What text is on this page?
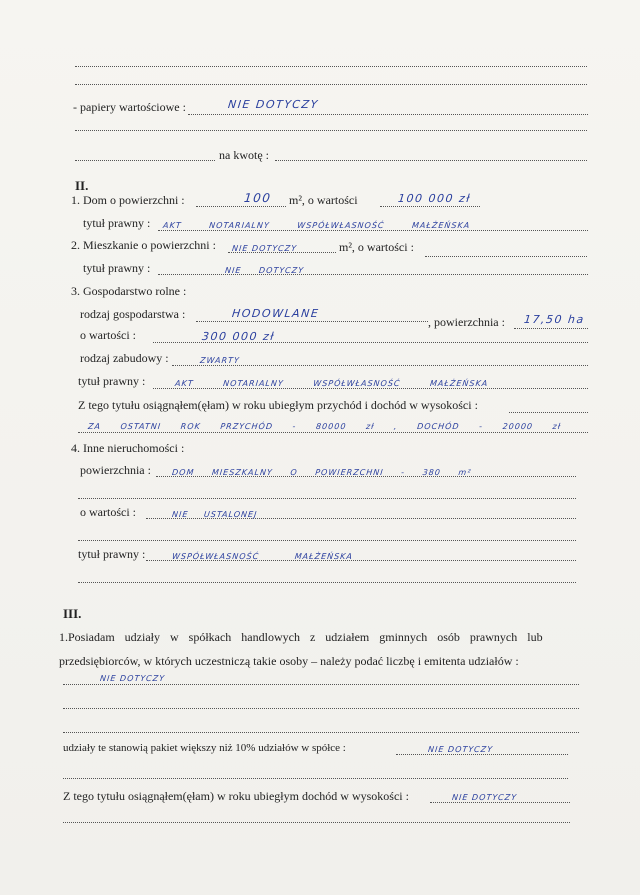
- papiery wartościowe :	NIE DOTYCZY
na kwotę :
II.
1. Dom o powierzchni :	100 m², o wartości	100 000 zł
tytuł prawny : AKT NOTARIALNY WSPÓŁWŁASNOŚĆ MAŁŻEŃSKA
2. Mieszkanie o powierzchni : NIE DOTYCZY	m², o wartości :
tytuł prawny :	NIE DOTYCZY
3. Gospodarstwo rolne :
rodzaj gospodarstwa :	HODOWLANE
, powierzchnia : 17,50 ha
o wartości :	300 000 zł
rodzaj zabudowy :	ZWARTY
tytuł prawny :	AKT NOTARIALNY WSPÓŁWŁASNOŚĆ MAŁŻEŃSKA
Z tego tytułu osiągnąłem(ęłam) w roku ubiegłym przychód i dochód w wysokości :
ZA OSTATNI ROK PRZYCHÓD - 80000 zł , DOCHÓD - 20000 zł
4. Inne nieruchomości :
powierzchnia :	DOM MIESZKALNY O POWIERZCHNI - 380 m²
o wartości :	NIE USTALONEJ
tytuł prawny :	WSPÓŁWŁASNOŚĆ MAŁŻEŃSKA
III.
1.Posiadam udziały w spółkach handlowych z udziałem gminnych osób prawnych lub
przedsiębiorców, w których uczestniczą takie osoby – należy podać liczbę i emitenta udziałów :
NIE DOTYCZY
udziały te stanowią pakiet większy niż 10% udziałów w spółce :	NIE DOTYCZY
Z tego tytułu osiągnąłem(ęłam) w roku ubiegłym dochód w wysokości :	NIE DOTYCZY
